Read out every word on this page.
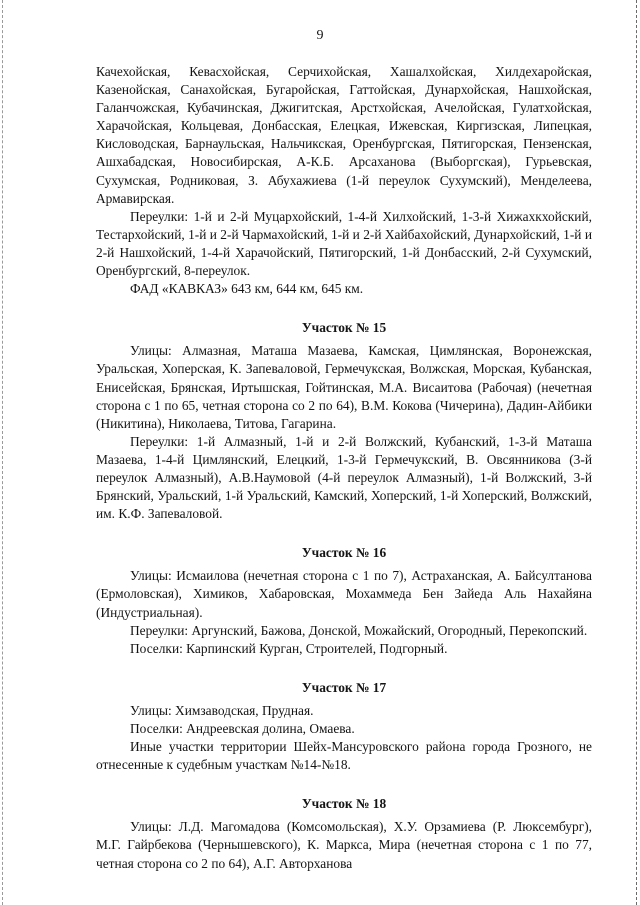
9

Качехойская, Кевасхойская, Серчихойская, Хашалхойская, Хилдехаройская, Казенойская, Санахойская, Бугаройская, Гаттойская, Дунархойская, Нашхойская, Галанчожская, Кубачинская, Джигитская, Арстхойская, Ачелойская, Гулатхойская, Харачойская, Кольцевая, Донбасская, Елецкая, Ижевская, Киргизская, Липецкая, Кисловодская, Барнаульская, Нальчикская, Оренбургская, Пятигорская, Пензенская, Ашхабадская, Новосибирская, А-К.Б. Арсаханова (Выборгская), Гурьевская, Сухумская, Родниковая, З. Абухажиева (1-й переулок Сухумский), Менделеева, Армавирская.

Переулки: 1-й и 2-й Муцархойский, 1-4-й Хилхойский, 1-3-й Хижахкхойский, Тестархойский, 1-й и 2-й Чармахойский, 1-й и 2-й Хайбахойский, Дунархойский, 1-й и 2-й Нашхойский, 1-4-й Харачойский, Пятигорский, 1-й Донбасский, 2-й Сухумский, Оренбургский, 8-переулок.

ФАД «КАВКАЗ» 643 км, 644 км, 645 км.

Участок № 15

Улицы: Алмазная, Маташа Мазаева, Камская, Цимлянская, Воронежская, Уральская, Хоперская, К. Запеваловой, Гермечукская, Волжская, Морская, Кубанская, Енисейская, Брянская, Иртышская, Гойтинская, М.А. Висаитова (Рабочая) (нечетная сторона с 1 по 65, четная сторона со 2 по 64), В.М. Кокова (Чичерина), Дадин-Айбики (Никитина), Николаева, Титова, Гагарина.

Переулки: 1-й Алмазный, 1-й и 2-й Волжский, Кубанский, 1-3-й Маташа Мазаева, 1-4-й Цимлянский, Елецкий, 1-3-й Гермечукский, В. Овсянникова (3-й переулок Алмазный), А.В.Наумовой (4-й переулок Алмазный), 1-й Волжский, 3-й Брянский, Уральский, 1-й Уральский, Камский, Хоперский, 1-й Хоперский, Волжский, им. К.Ф. Запеваловой.

Участок № 16

Улицы: Исмаилова (нечетная сторона с 1 по 7), Астраханская, А. Байсултанова (Ермоловская), Химиков, Хабаровская, Мохаммеда Бен Зайеда Аль Нахайяна (Индустриальная).

Переулки: Аргунский, Бажова, Донской, Можайский, Огородный, Перекопский.

Поселки: Карпинский Курган, Строителей, Подгорный.

Участок № 17

Улицы: Химзаводская, Прудная.

Поселки: Андреевская долина, Омаева.

Иные участки территории Шейх-Мансуровского района города Грозного, не отнесенные к судебным участкам №14-№18.

Участок № 18

Улицы: Л.Д. Магомадова (Комсомольская), Х.У. Орзамиева (Р. Люксембург), М.Г. Гайрбекова (Чернышевского), К. Маркса, Мира (нечетная сторона с 1 по 77, четная сторона со 2 по 64), А.Г. Авторханова
